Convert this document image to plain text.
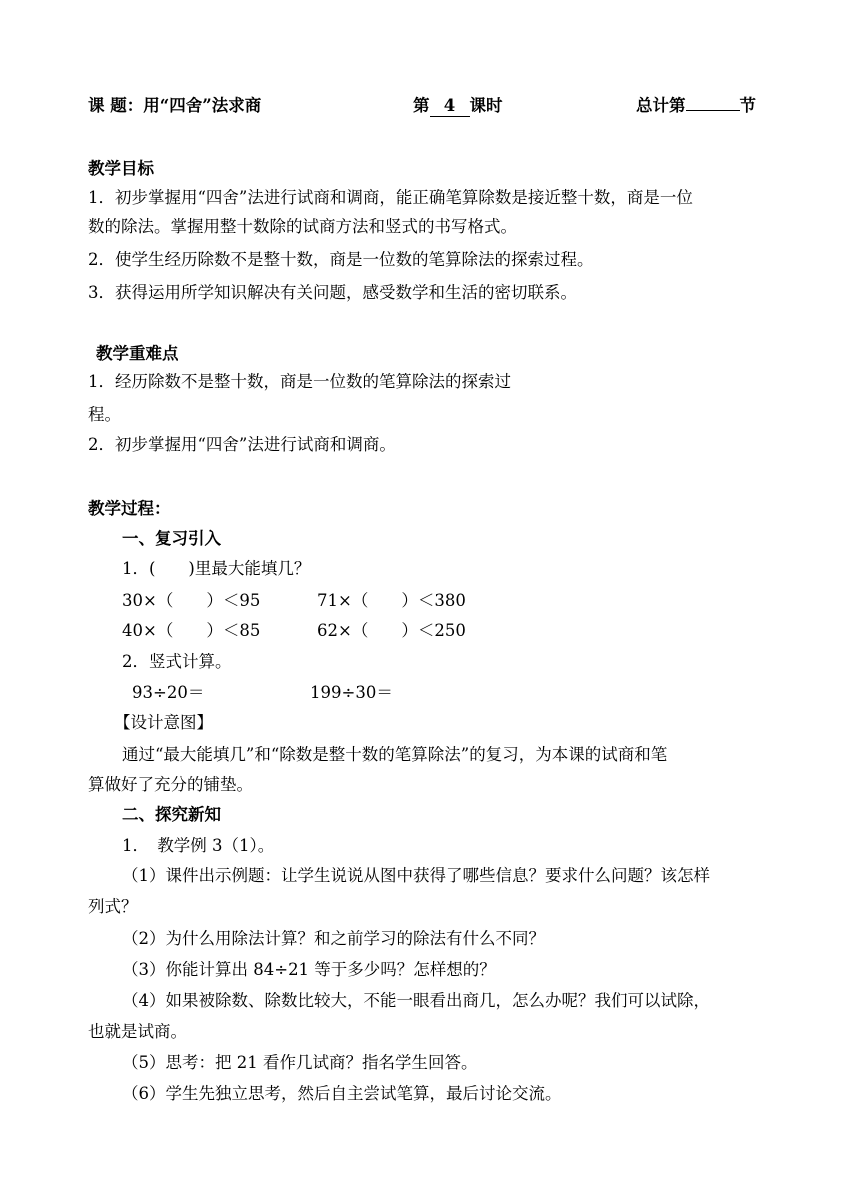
课 题：用“四舍”法求商	第 4 课时	总计第	节
教学目标
1．初步掌握用“四舍”法进行试商和调商，能正确笔算除数是接近整十数，商是一位
数的除法。掌握用整十数除的试商方法和竖式的书写格式。
2．使学生经历除数不是整十数，商是一位数的笔算除法的探索过程。
3．获得运用所学知识解决有关问题，感受数学和生活的密切联系。
教学重难点
1．经历除数不是整十数，商是一位数的笔算除法的探索过
程。
2．初步掌握用“四舍”法进行试商和调商。
教学过程：
一、复习引入
1．(　　)里最大能填几？
30×（　　）＜95	71×（　　）＜380
40×（　　）＜85	62×（　　）＜250
2．竖式计算。
93÷20＝	199÷30＝
【设计意图】
通过“最大能填几”和“除数是整十数的笔算除法”的复习，为本课的试商和笔
算做好了充分的铺垫。
二、探究新知
1．　教学例 3（1）。
（1）课件出示例题：让学生说说从图中获得了哪些信息？要求什么问题？该怎样
列式？
（2）为什么用除法计算？和之前学习的除法有什么不同？
（3）你能计算出 84÷21 等于多少吗？怎样想的？
（4）如果被除数、除数比较大，不能一眼看出商几，怎么办呢？我们可以试除，
也就是试商。
（5）思考：把 21 看作几试商？指名学生回答。
（6）学生先独立思考，然后自主尝试笔算，最后讨论交流。
